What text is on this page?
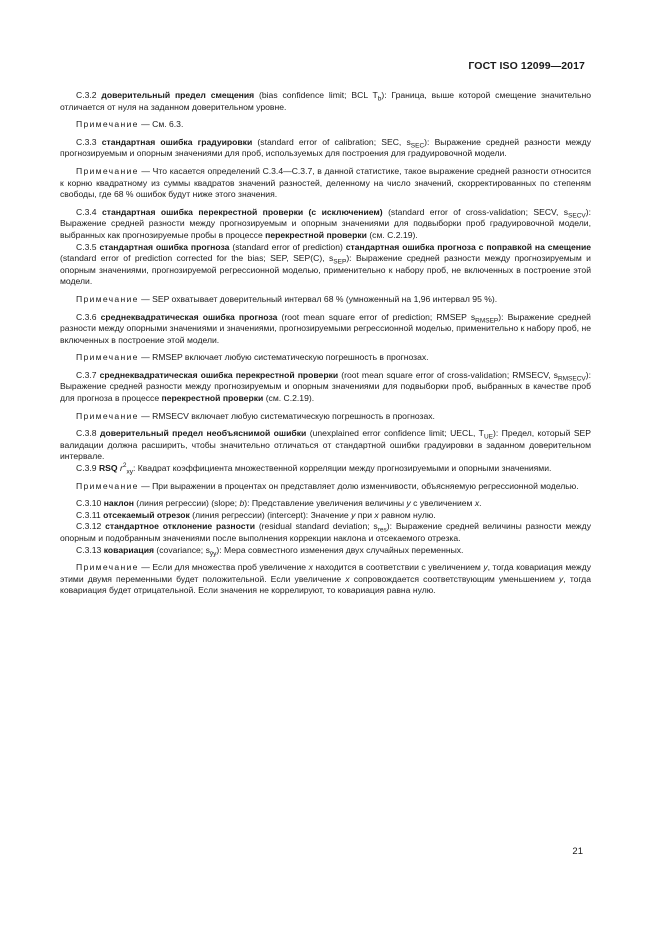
ГОСТ ISO 12099—2017

C.3.2 доверительный предел смещения (bias confidence limit; BCL $T_b$): Граница, выше которой смещение значительно отличается от нуля на заданном доверительном уровне.

Примечание — См. 6.3.

C.3.3 стандартная ошибка градуировки (standard error of calibration; SEC, $s_{SEC}$): Выражение средней разности между прогнозируемым и опорным значениями для проб, используемых для построения для градуировочной модели.

Примечание — Что касается определений C.3.4—C.3.7, в данной статистике, такое выражение средней разности относится к корню квадратному из суммы квадратов значений разностей, деленному на число значений, скорректированных по степеням свободы, где 68 % ошибок будут ниже этого значения.

C.3.4 стандартная ошибка перекрестной проверки (с исключением) (standard error of cross-validation; SECV, $s_{SECV}$): Выражение средней разности между прогнозируемым и опорным значениями для подвыборки проб градуировочной модели, выбранных как прогнозируемые пробы в процессе перекрестной проверки (см. C.2.19).

C.3.5 стандартная ошибка прогноза (standard error of prediction) стандартная ошибка прогноза с поправкой на смещение (standard error of prediction corrected for the bias; SEP, SEP(C), $s_{SEP}$): Выражение средней разности между прогнозируемым и опорным значениями, прогнозируемой регрессионной моделью, применительно к набору проб, не включенных в построение этой модели.

Примечание — SEP охватывает доверительный интервал 68 % (умноженный на 1,96 интервал 95 %).

C.3.6 среднеквадратическая ошибка прогноза (root mean square error of prediction; RMSEP $s_{RMSEP}$): Выражение средней разности между опорными значениями и значениями, прогнозируемыми регрессионной моделью, применительно к набору проб, не включенных в построение этой модели.

Примечание — RMSEP включает любую систематическую погрешность в прогнозах.

C.3.7 среднеквадратическая ошибка перекрестной проверки (root mean square error of cross-validation; RMSECV, $s_{RMSECV}$): Выражение средней разности между прогнозируемым и опорным значениями для подвыборки проб, выбранных в качестве проб для прогноза в процессе перекрестной проверки (см. C.2.19).

Примечание — RMSECV включает любую систематическую погрешность в прогнозах.

C.3.8 доверительный предел необъяснимой ошибки (unexplained error confidence limit; UECL, $T_{UE}$): Предел, который SEP валидации должна расширить, чтобы значительно отличаться от стандартной ошибки градуировки в заданном доверительном интервале.

C.3.9 RSQ $r^2_{xy}$: Квадрат коэффициента множественной корреляции между прогнозируемыми и опорными значениями.

Примечание — При выражении в процентах он представляет долю изменчивости, объясняемую регрессионной моделью.

C.3.10 наклон (линия регрессии) (slope; b): Представление увеличения величины y с увеличением x.

C.3.11 отсекаемый отрезок (линия регрессии) (intercept): Значение y при x равном нулю.

C.3.12 стандартное отклонение разности (residual standard deviation; $s_{res}$): Выражение средней величины разности между опорным и подобранным значениями после выполнения коррекции наклона и отсекаемого отрезка.

C.3.13 ковариация (covariance; $s_{ŷy}$): Мера совместного изменения двух случайных переменных.

Примечание — Если для множества проб увеличение x находится в соответствии с увеличением y, тогда ковариация между этими двумя переменными будет положительной. Если увеличение x сопровождается соответствующим уменьшением y, тогда ковариация будет отрицательной. Если значения не коррелируют, то ковариация равна нулю.

21
